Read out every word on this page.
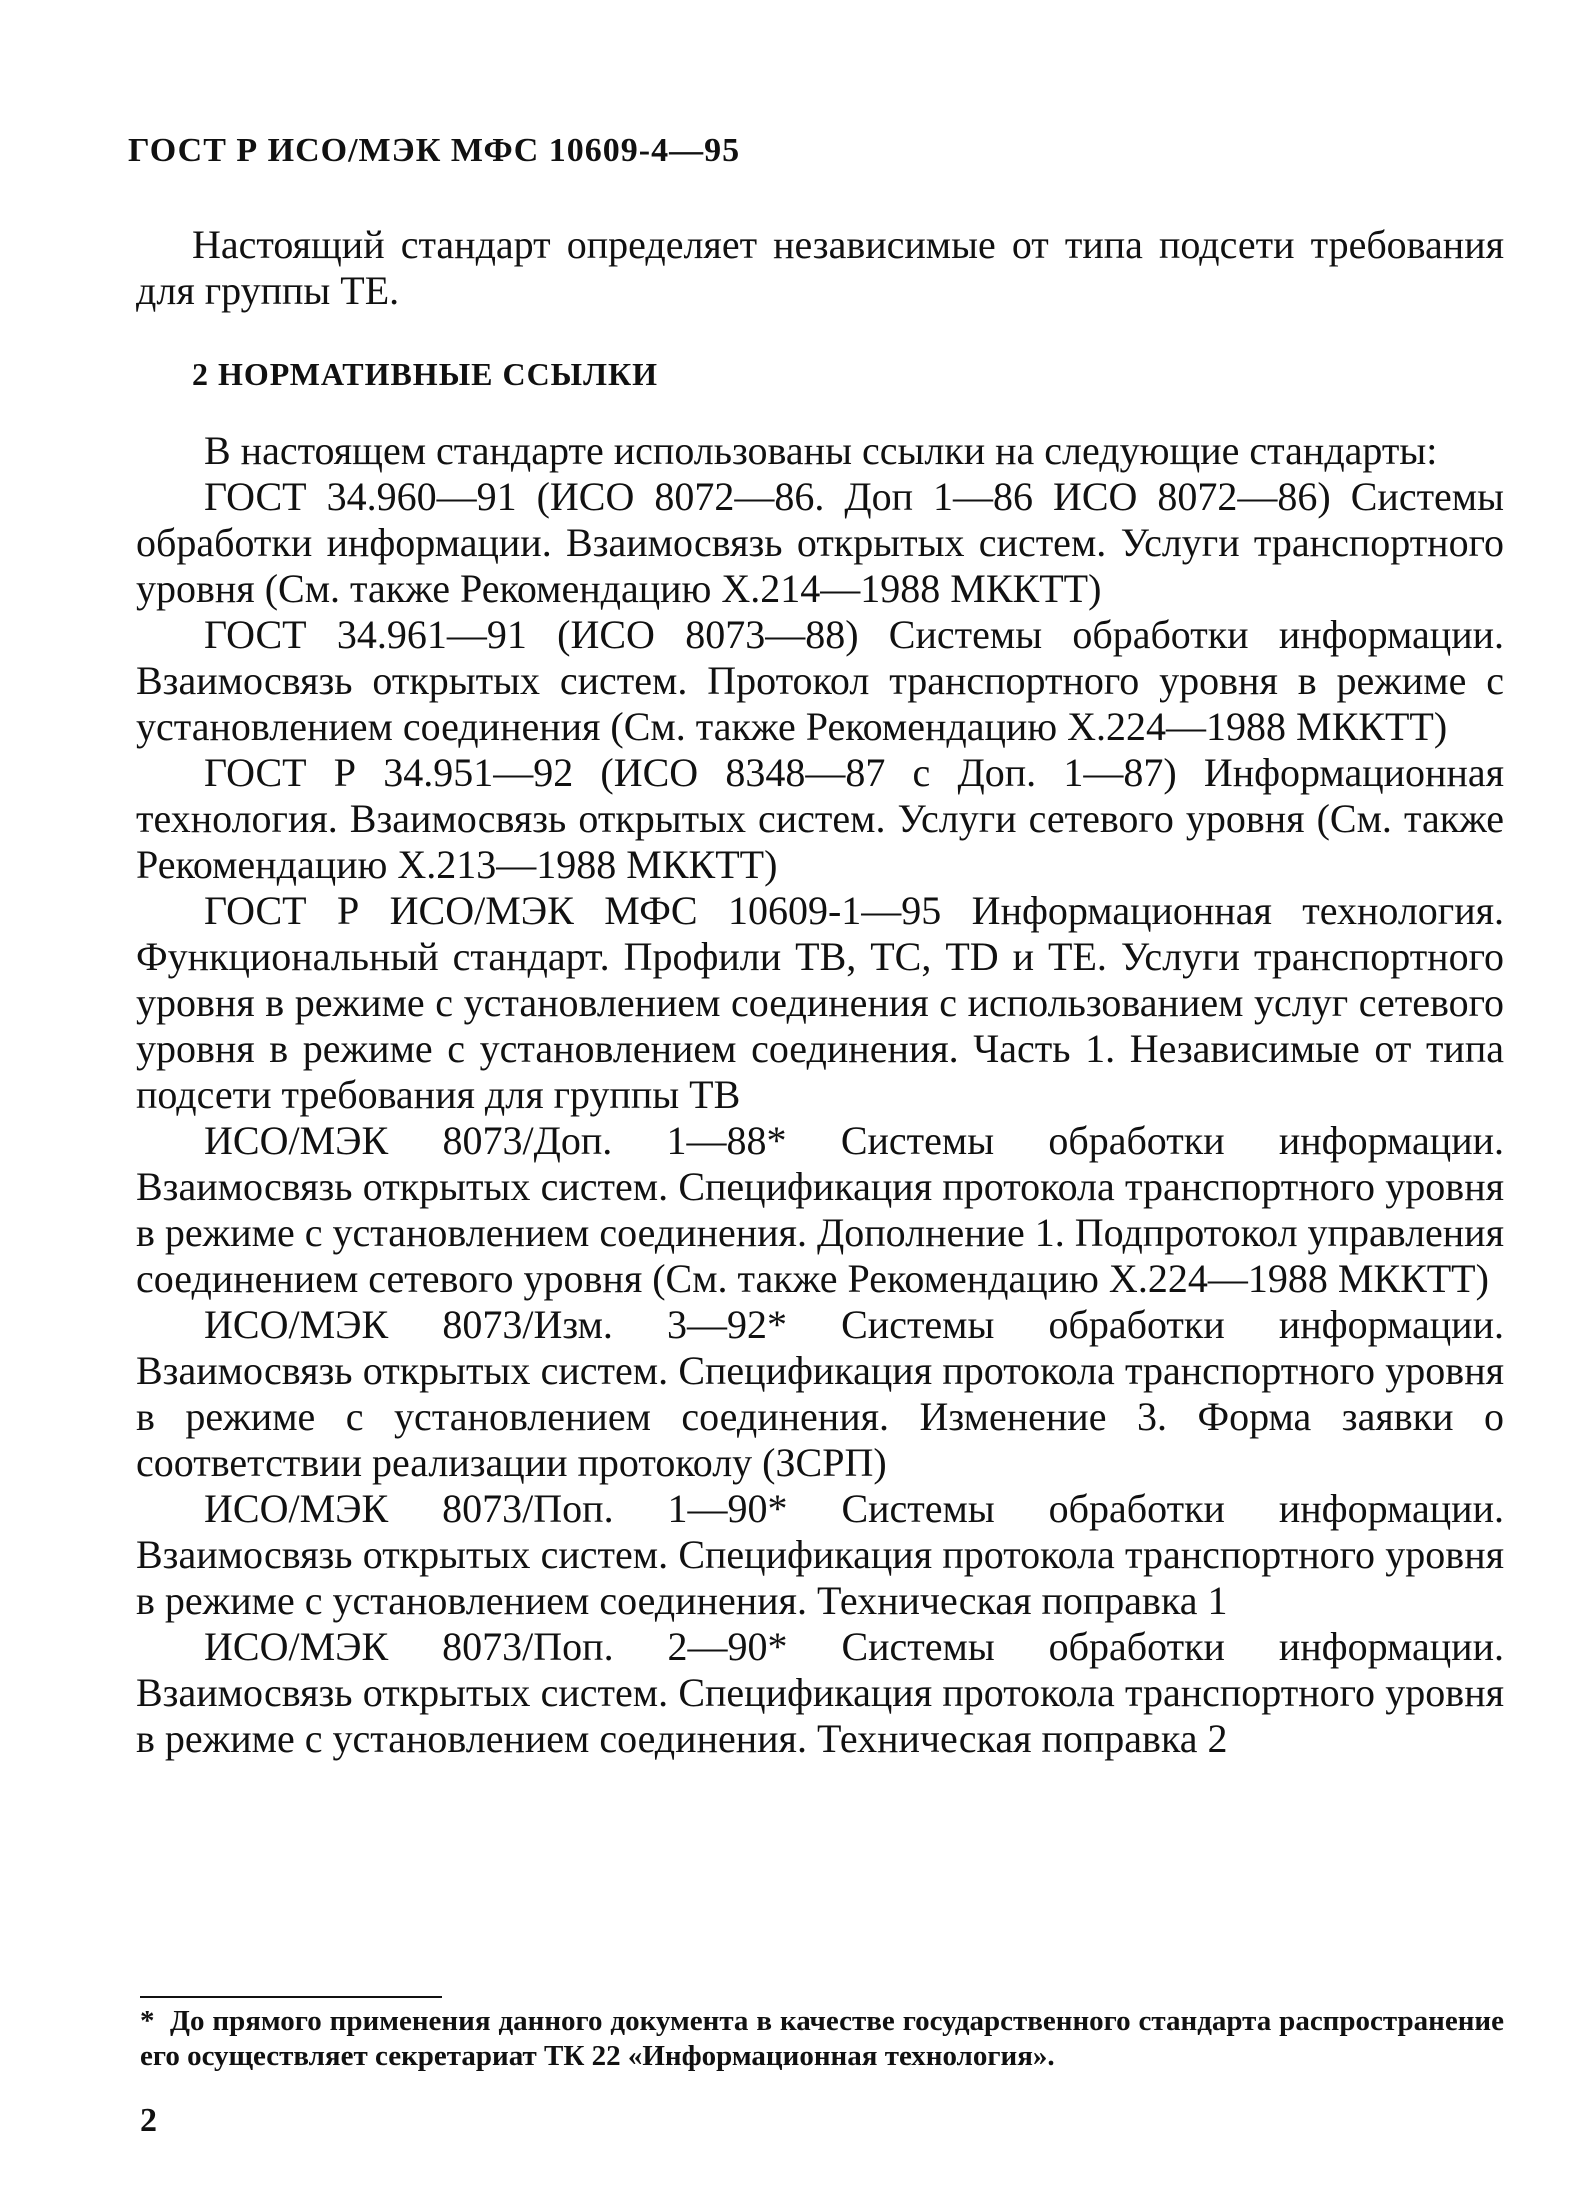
ГОСТ Р ИСО/МЭК МФС 10609-4—95

Настоящий стандарт определяет независимые от типа подсети требования для группы ТЕ.

2 НОРМАТИВНЫЕ ССЫЛКИ

В настоящем стандарте использованы ссылки на следующие стандарты:

ГОСТ 34.960—91 (ИСО 8072—86. Доп 1—86 ИСО 8072—86) Системы обработки информации. Взаимосвязь открытых систем. Услуги транспортного уровня (См. также Рекомендацию Х.214—1988 МККТТ)

ГОСТ 34.961—91 (ИСО 8073—88) Системы обработки информации. Взаимосвязь открытых систем. Протокол транспортного уровня в режиме с установлением соединения (См. также Рекомендацию Х.224—1988 МККТТ)

ГОСТ Р 34.951—92 (ИСО 8348—87 с Доп. 1—87) Информационная технология. Взаимосвязь открытых систем. Услуги сетевого уровня (См. также Рекомендацию Х.213—1988 МККТТ)

ГОСТ Р ИСО/МЭК МФС 10609-1—95 Информационная технология. Функциональный стандарт. Профили ТВ, ТС, TD и ТЕ. Услуги транспортного уровня в режиме с установлением соединения с использованием услуг сетевого уровня в режиме с установлением соединения. Часть 1. Независимые от типа подсети требования для группы ТВ

ИСО/МЭК 8073/Доп. 1—88* Системы обработки информации. Взаимосвязь открытых систем. Спецификация протокола транспортного уровня в режиме с установлением соединения. Дополнение 1. Подпротокол управления соединением сетевого уровня (См. также Рекомендацию Х.224—1988 МККТТ)

ИСО/МЭК 8073/Изм. 3—92* Системы обработки информации. Взаимосвязь открытых систем. Спецификация протокола транспортного уровня в режиме с установлением соединения. Изменение 3. Форма заявки о соответствии реализации протоколу (ЗСРП)

ИСО/МЭК 8073/Поп. 1—90* Системы обработки информации. Взаимосвязь открытых систем. Спецификация протокола транспортного уровня в режиме с установлением соединения. Техническая поправка 1

ИСО/МЭК 8073/Поп. 2—90* Системы обработки информации. Взаимосвязь открытых систем. Спецификация протокола транспортного уровня в режиме с установлением соединения. Техническая поправка 2

* До прямого применения данного документа в качестве государственного стандарта распространение его осуществляет секретариат ТК 22 «Информационная технология».
2
